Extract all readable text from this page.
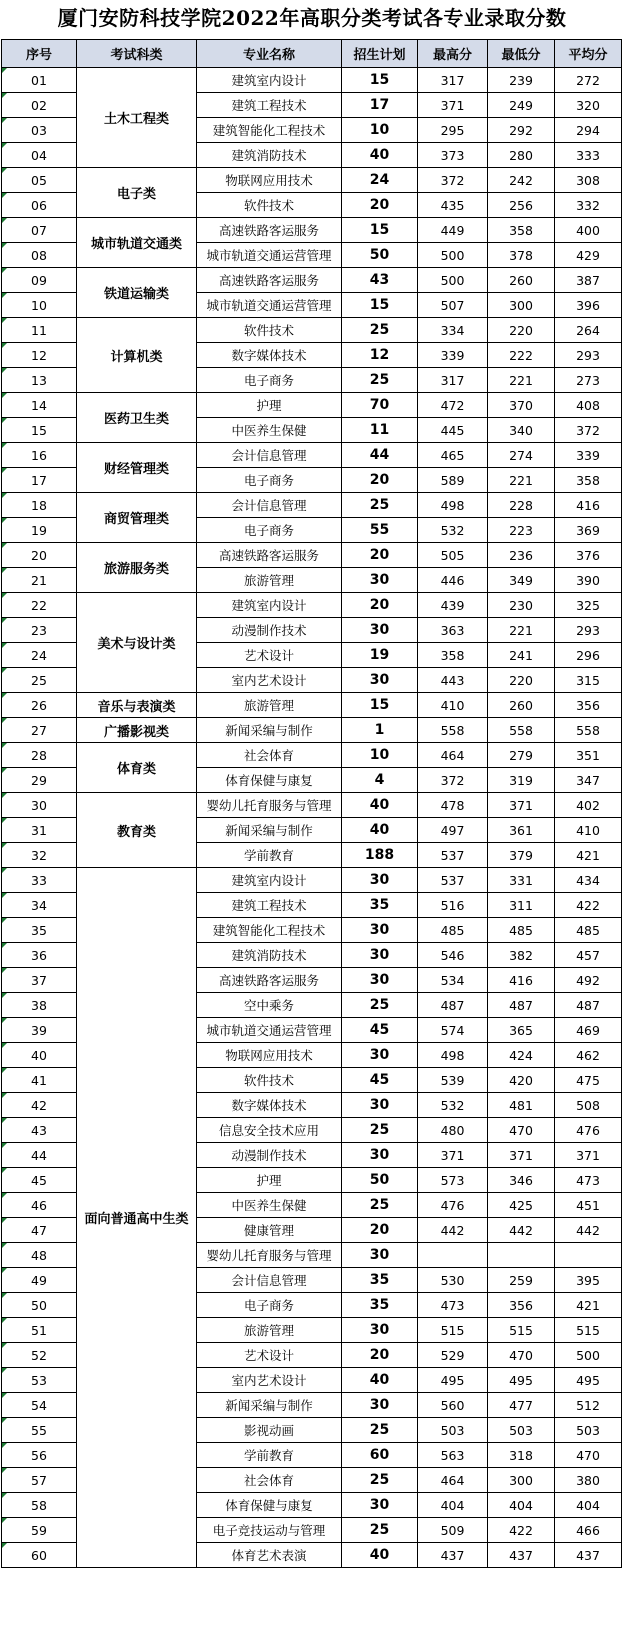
厦门安防科技学院2022年高职分类考试各专业录取分数
序号	考试科类	专业名称	招生计划	最高分	最低分	平均分
01	土木工程类	建筑室内设计	15	317	239	272
02		建筑工程技术	17	371	249	320
03		建筑智能化工程技术	10	295	292	294
04		建筑消防技术	40	373	280	333
05	电子类	物联网应用技术	24	372	242	308
06		软件技术	20	435	256	332
07	城市轨道交通类	高速铁路客运服务	15	449	358	400
08		城市轨道交通运营管理	50	500	378	429
09	铁道运输类	高速铁路客运服务	43	500	260	387
10		城市轨道交通运营管理	15	507	300	396
11	计算机类	软件技术	25	334	220	264
12		数字媒体技术	12	339	222	293
13		电子商务	25	317	221	273
14	医药卫生类	护理	70	472	370	408
15		中医养生保健	11	445	340	372
16	财经管理类	会计信息管理	44	465	274	339
17		电子商务	20	589	221	358
18	商贸管理类	会计信息管理	25	498	228	416
19		电子商务	55	532	223	369
20	旅游服务类	高速铁路客运服务	20	505	236	376
21		旅游管理	30	446	349	390
22	美术与设计类	建筑室内设计	20	439	230	325
23		动漫制作技术	30	363	221	293
24		艺术设计	19	358	241	296
25		室内艺术设计	30	443	220	315
26	音乐与表演类	旅游管理	15	410	260	356
27	广播影视类	新闻采编与制作	1	558	558	558
28	体育类	社会体育	10	464	279	351
29		体育保健与康复	4	372	319	347
30	教育类	婴幼儿托育服务与管理	40	478	371	402
31		新闻采编与制作	40	497	361	410
32		学前教育	188	537	379	421
33	面向普通高中生类	建筑室内设计	30	537	331	434
34		建筑工程技术	35	516	311	422
35		建筑智能化工程技术	30	485	485	485
36		建筑消防技术	30	546	382	457
37		高速铁路客运服务	30	534	416	492
38		空中乘务	25	487	487	487
39		城市轨道交通运营管理	45	574	365	469
40		物联网应用技术	30	498	424	462
41		软件技术	45	539	420	475
42		数字媒体技术	30	532	481	508
43		信息安全技术应用	25	480	470	476
44		动漫制作技术	30	371	371	371
45		护理	50	573	346	473
46		中医养生保健	25	476	425	451
47		健康管理	20	442	442	442
48		婴幼儿托育服务与管理	30			
49		会计信息管理	35	530	259	395
50		电子商务	35	473	356	421
51		旅游管理	30	515	515	515
52		艺术设计	20	529	470	500
53		室内艺术设计	40	495	495	495
54		新闻采编与制作	30	560	477	512
55		影视动画	25	503	503	503
56		学前教育	60	563	318	470
57		社会体育	25	464	300	380
58		体育保健与康复	30	404	404	404
59		电子竞技运动与管理	25	509	422	466
60		体育艺术表演	40	437	437	437
